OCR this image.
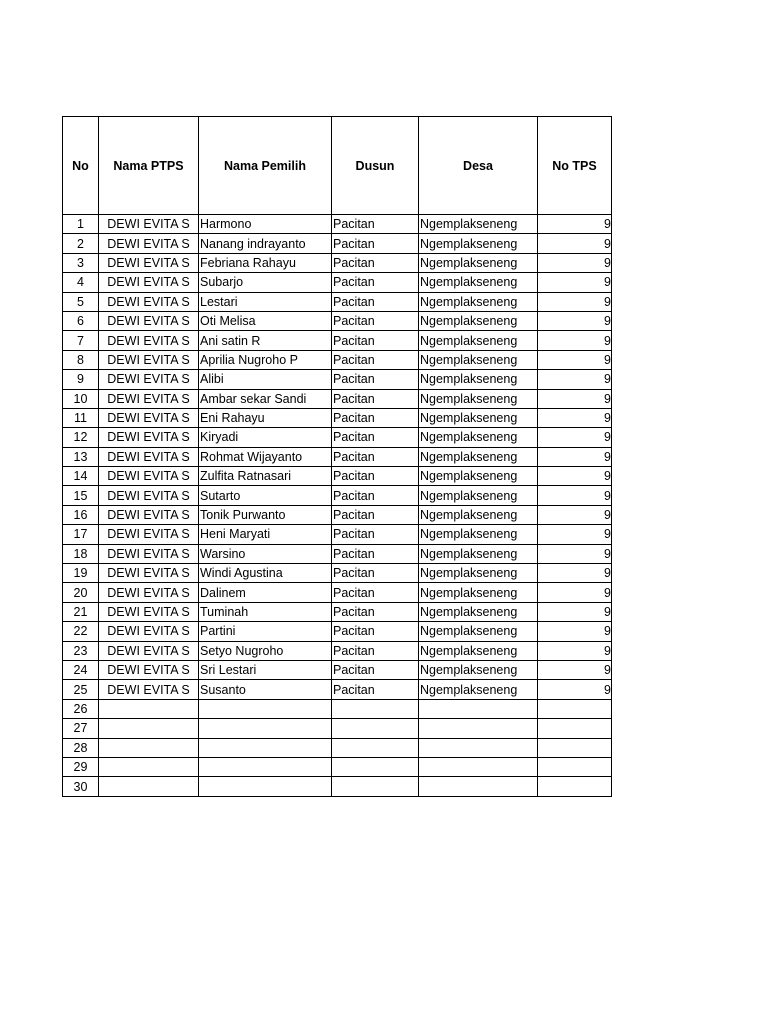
No	Nama PTPS	Nama Pemilih	Dusun	Desa	No TPS
1	DEWI EVITA S	Harmono	Pacitan	Ngemplakseneng	9
2	DEWI EVITA S	Nanang indrayanto	Pacitan	Ngemplakseneng	9
3	DEWI EVITA S	Febriana Rahayu	Pacitan	Ngemplakseneng	9
4	DEWI EVITA S	Subarjo	Pacitan	Ngemplakseneng	9
5	DEWI EVITA S	Lestari	Pacitan	Ngemplakseneng	9
6	DEWI EVITA S	Oti Melisa	Pacitan	Ngemplakseneng	9
7	DEWI EVITA S	Ani satin R	Pacitan	Ngemplakseneng	9
8	DEWI EVITA S	Aprilia Nugroho P	Pacitan	Ngemplakseneng	9
9	DEWI EVITA S	Alibi	Pacitan	Ngemplakseneng	9
10	DEWI EVITA S	Ambar sekar Sandi	Pacitan	Ngemplakseneng	9
11	DEWI EVITA S	Eni Rahayu	Pacitan	Ngemplakseneng	9
12	DEWI EVITA S	Kiryadi	Pacitan	Ngemplakseneng	9
13	DEWI EVITA S	Rohmat Wijayanto	Pacitan	Ngemplakseneng	9
14	DEWI EVITA S	Zulfita Ratnasari	Pacitan	Ngemplakseneng	9
15	DEWI EVITA S	Sutarto	Pacitan	Ngemplakseneng	9
16	DEWI EVITA S	Tonik Purwanto	Pacitan	Ngemplakseneng	9
17	DEWI EVITA S	Heni Maryati	Pacitan	Ngemplakseneng	9
18	DEWI EVITA S	Warsino	Pacitan	Ngemplakseneng	9
19	DEWI EVITA S	Windi Agustina	Pacitan	Ngemplakseneng	9
20	DEWI EVITA S	Dalinem	Pacitan	Ngemplakseneng	9
21	DEWI EVITA S	Tuminah	Pacitan	Ngemplakseneng	9
22	DEWI EVITA S	Partini	Pacitan	Ngemplakseneng	9
23	DEWI EVITA S	Setyo Nugroho	Pacitan	Ngemplakseneng	9
24	DEWI EVITA S	Sri Lestari	Pacitan	Ngemplakseneng	9
25	DEWI EVITA S	Susanto	Pacitan	Ngemplakseneng	9
26					
27					
28					
29					
30					
